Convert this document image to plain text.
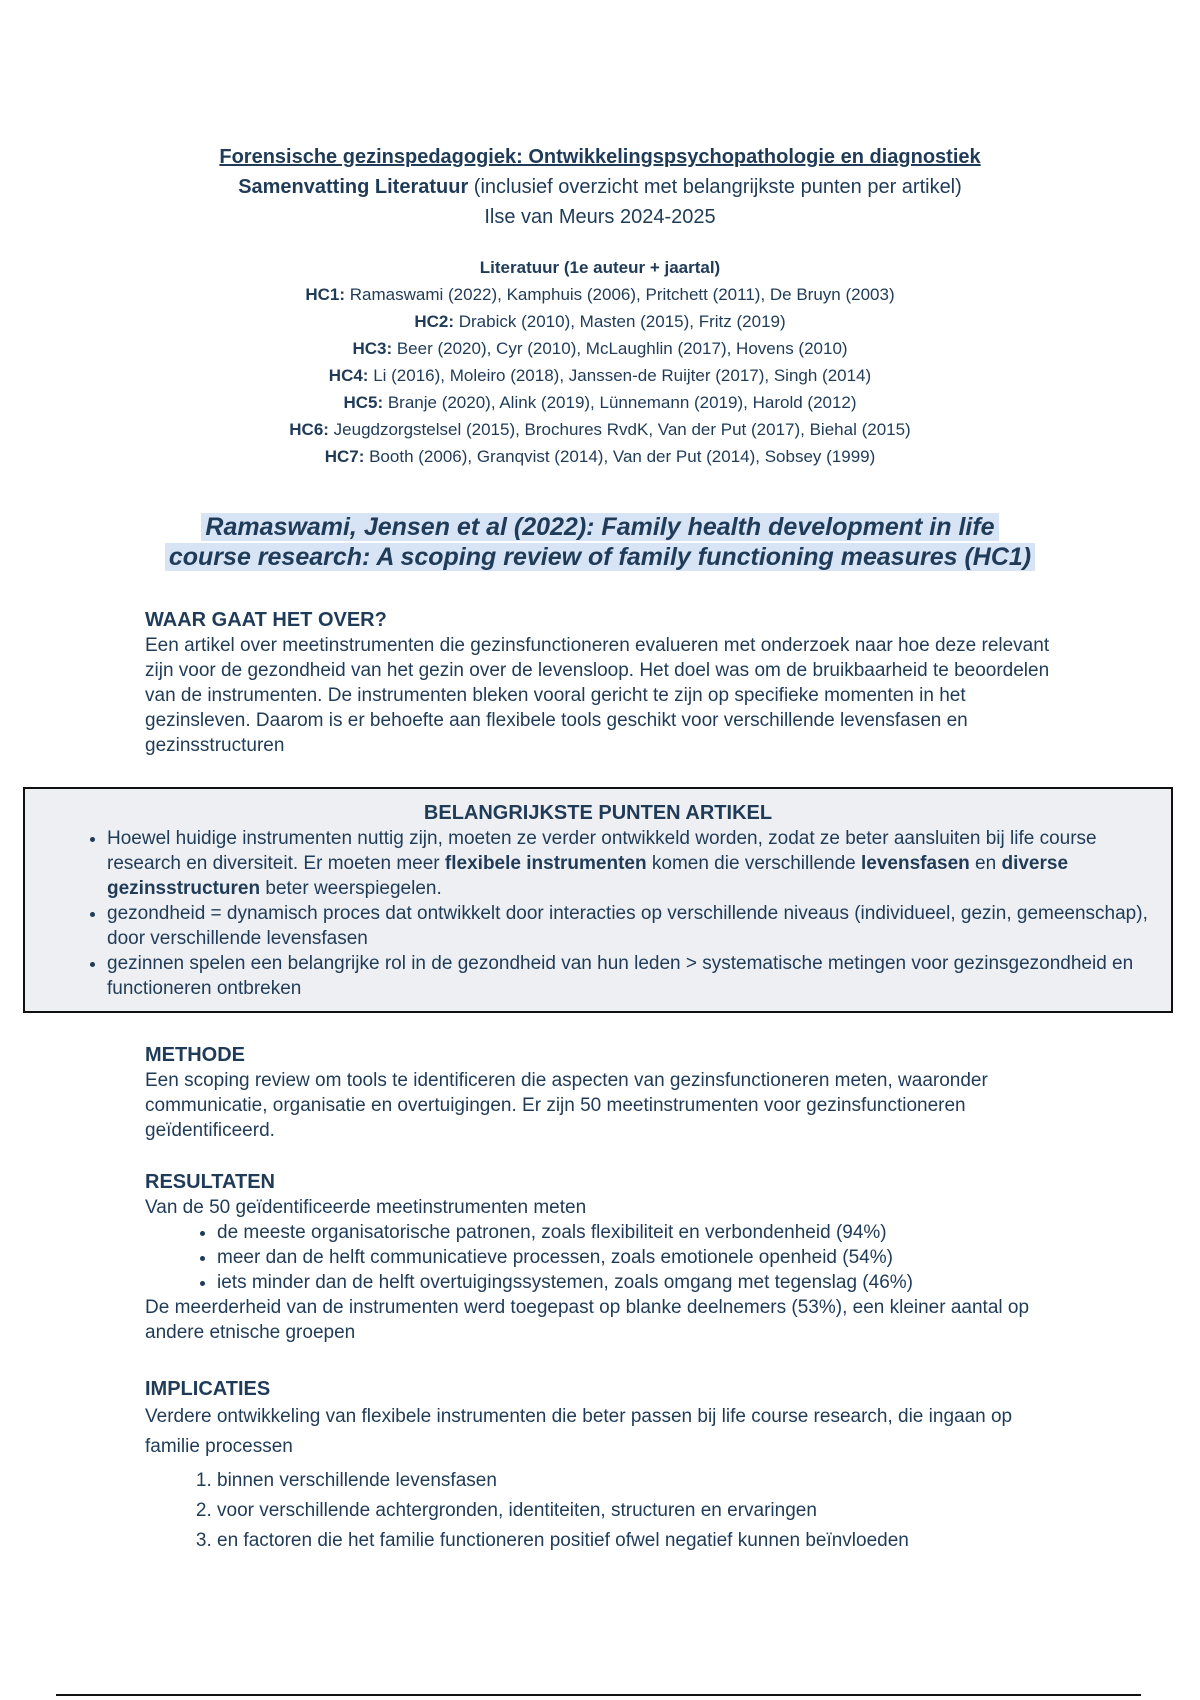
Forensische gezinspedagogiek: Ontwikkelingspsychopathologie en diagnostiek
Samenvatting Literatuur (inclusief overzicht met belangrijkste punten per artikel)
Ilse van Meurs 2024-2025
Literatuur (1e auteur + jaartal)
HC1: Ramaswami (2022), Kamphuis (2006), Pritchett (2011), De Bruyn (2003)
HC2: Drabick (2010), Masten (2015), Fritz (2019)
HC3: Beer (2020), Cyr (2010), McLaughlin (2017), Hovens (2010)
HC4: Li (2016), Moleiro (2018), Janssen-de Ruijter (2017), Singh (2014)
HC5: Branje (2020), Alink (2019), Lünnemann (2019), Harold (2012)
HC6: Jeugdzorgstelsel (2015), Brochures RvdK, Van der Put (2017), Biehal (2015)
HC7: Booth (2006), Granqvist (2014), Van der Put (2014), Sobsey (1999)
Ramaswami, Jensen et al (2022): Family health development in life
course research: A scoping review of family functioning measures (HC1)
WAAR GAAT HET OVER?

Een artikel over meetinstrumenten die gezinsfunctioneren evalueren met onderzoek naar hoe deze relevant zijn voor de gezondheid van het gezin over de levensloop. Het doel was om de bruikbaarheid te beoordelen van de instrumenten. De instrumenten bleken vooral gericht te zijn op specifieke momenten in het gezinsleven. Daarom is er behoefte aan flexibele tools geschikt voor verschillende levensfasen en gezinsstructuren

BELANGRIJKSTE PUNTEN ARTIKEL
• Hoewel huidige instrumenten nuttig zijn, moeten ze verder ontwikkeld worden, zodat ze beter aansluiten bij life course research en diversiteit. Er moeten meer flexibele instrumenten komen die verschillende levensfasen en diverse gezinsstructuren beter weerspiegelen.
• gezondheid = dynamisch proces dat ontwikkelt door interacties op verschillende niveaus (individueel, gezin, gemeenschap), door verschillende levensfasen
• gezinnen spelen een belangrijke rol in de gezondheid van hun leden > systematische metingen voor gezinsgezondheid en functioneren ontbreken
METHODE

Een scoping review om tools te identificeren die aspecten van gezinsfunctioneren meten, waaronder communicatie, organisatie en overtuigingen. Er zijn 50 meetinstrumenten voor gezinsfunctioneren geïdentificeerd.

RESULTATEN

Van de 50 geïdentificeerde meetinstrumenten meten

• de meeste organisatorische patronen, zoals flexibiliteit en verbondenheid (94%)
• meer dan de helft communicatieve processen, zoals emotionele openheid (54%)
• iets minder dan de helft overtuigingssystemen, zoals omgang met tegenslag (46%)

De meerderheid van de instrumenten werd toegepast op blanke deelnemers (53%), een kleiner aantal op andere etnische groepen

IMPLICATIES

Verdere ontwikkeling van flexibele instrumenten die beter passen bij life course research, die ingaan op familie processen

1. binnen verschillende levensfasen
2. voor verschillende achtergronden, identiteiten, structuren en ervaringen
3. en factoren die het familie functioneren positief ofwel negatief kunnen beïnvloeden
